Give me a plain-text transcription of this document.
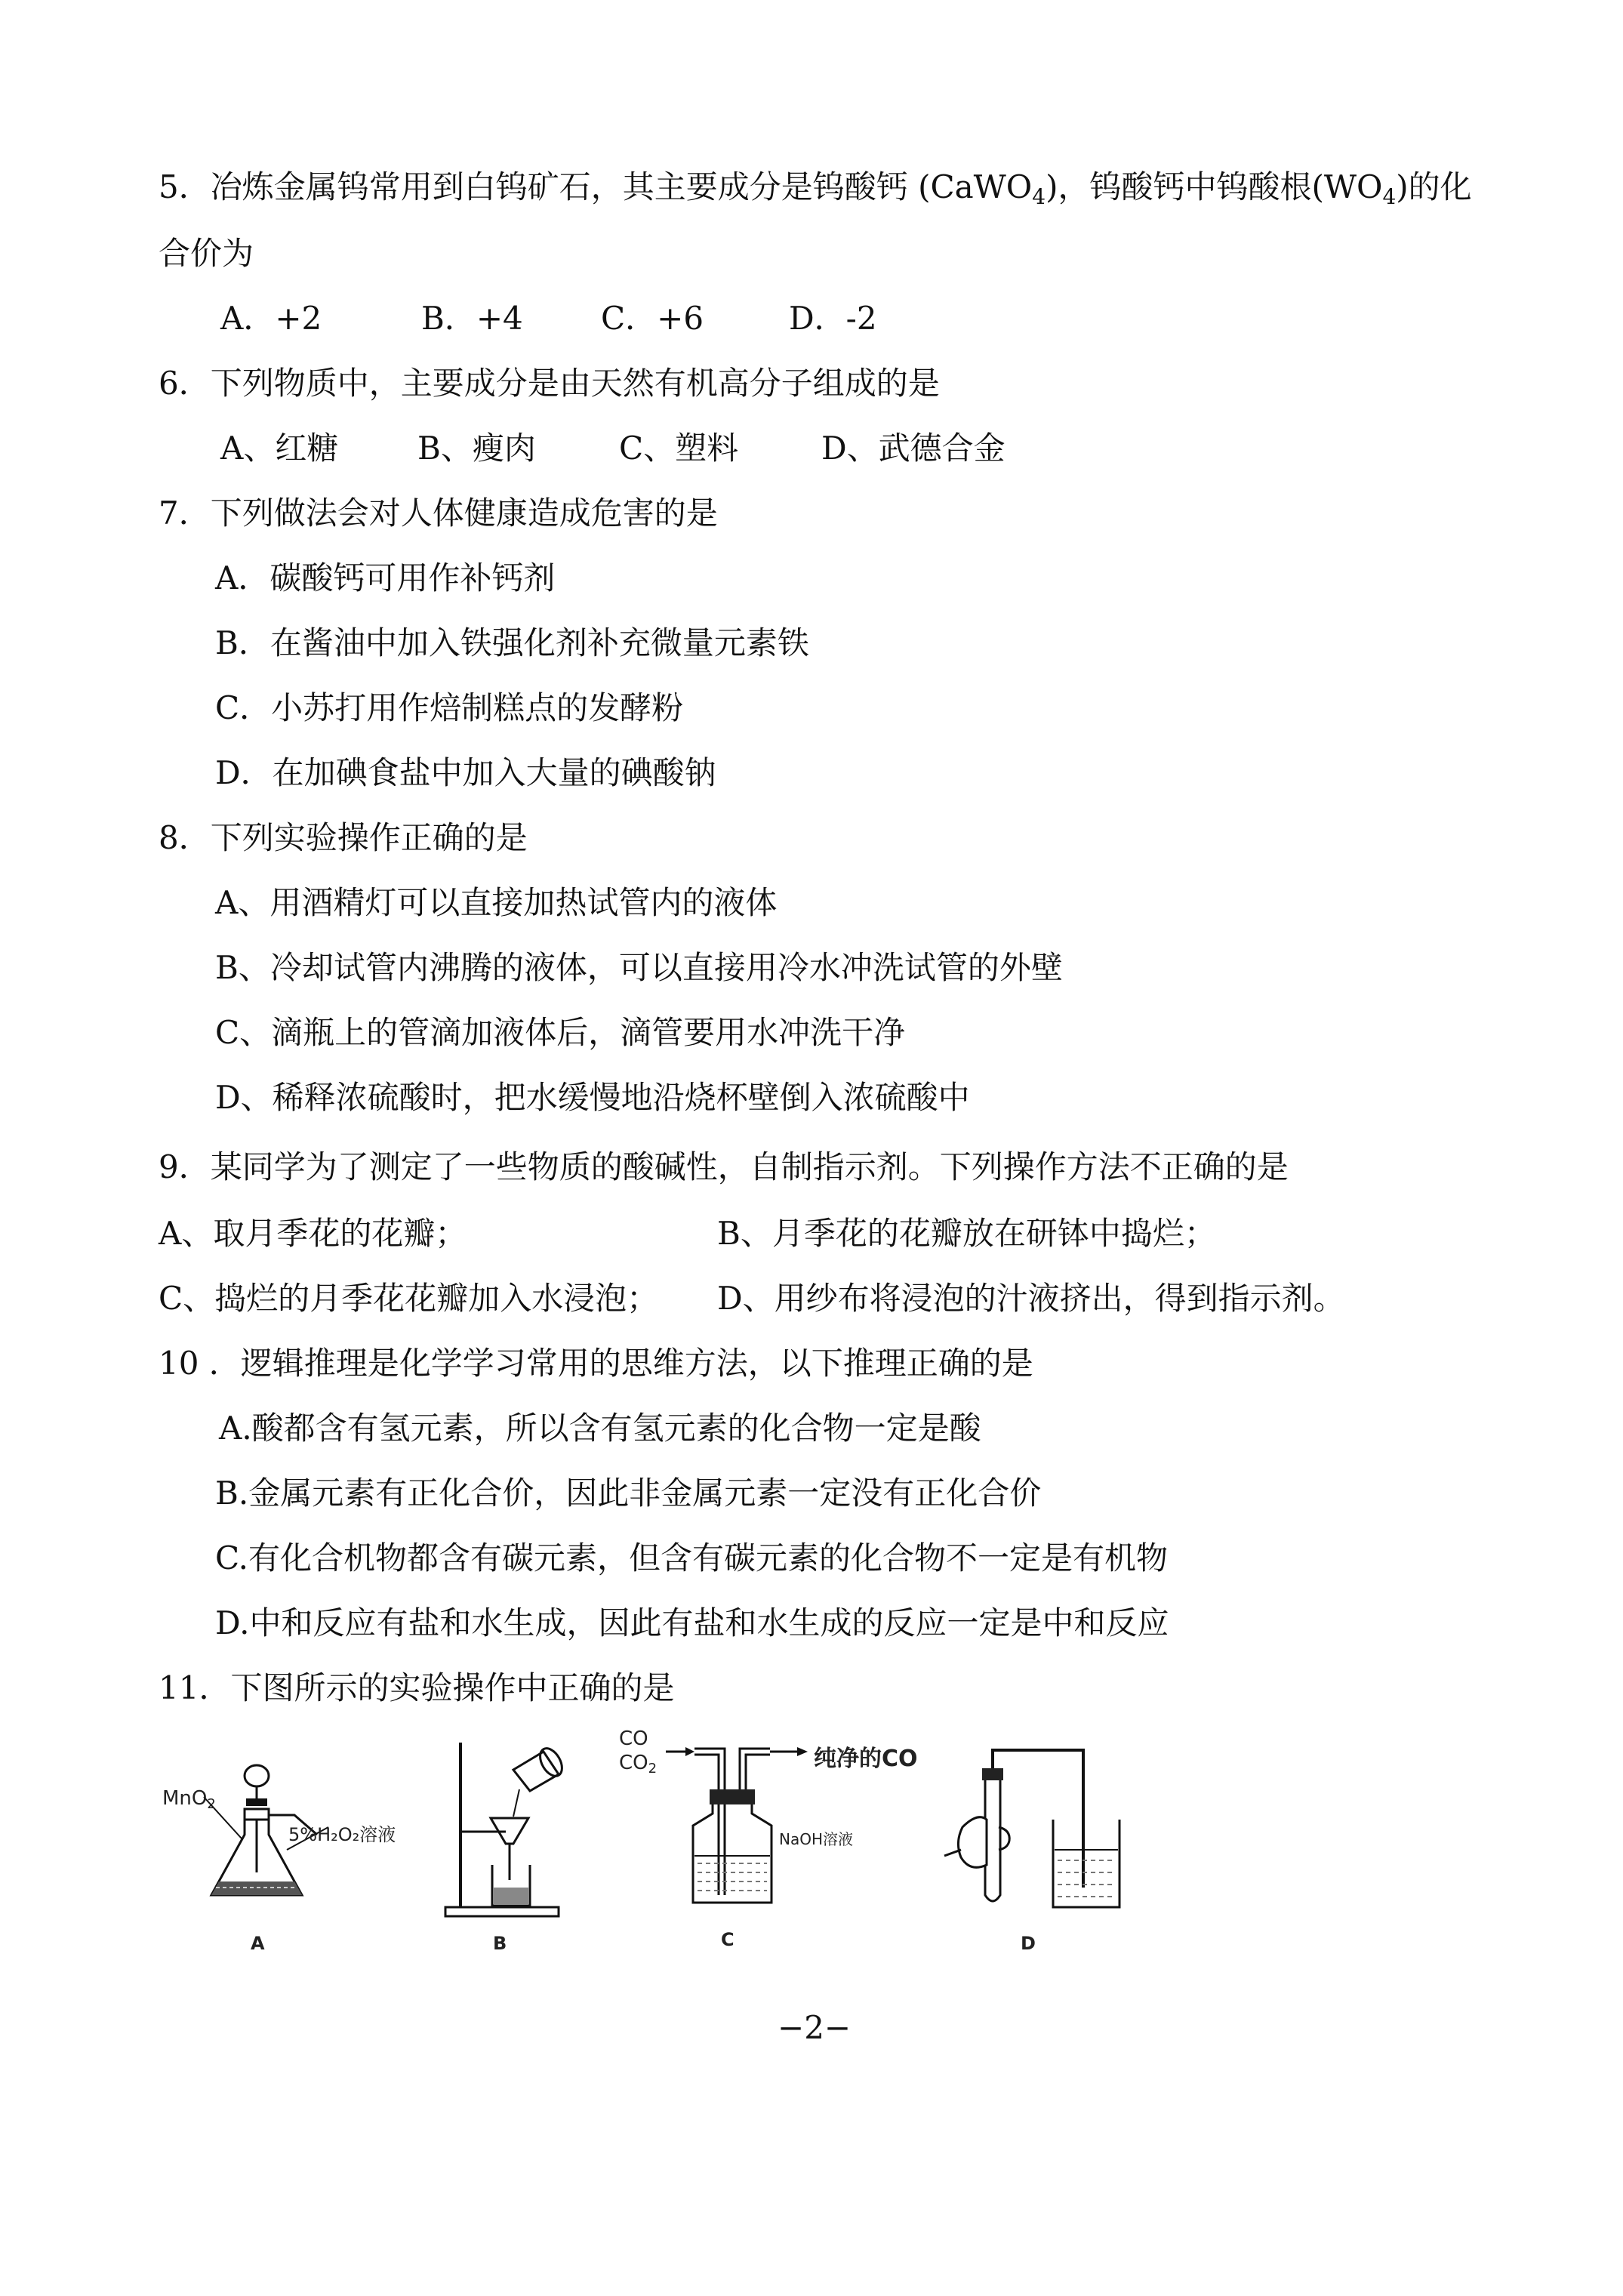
5．冶炼金属钨常用到白钨矿石，其主要成分是钨酸钙 (CaWO$_4$)，钨酸钙中钨酸根$(WO_4)$的化
合价为
A．+2	B．+4 C．+6	D．-2
6．下列物质中，主要成分是由天然有机高分子组成的是
A、红糖 B、瘦肉	C、塑料	D、武德合金
7．下列做法会对人体健康造成危害的是
A．碳酸钙可用作补钙剂
B．在酱油中加入铁强化剂补充微量元素铁
C．小苏打用作焙制糕点的发酵粉
D．在加碘食盐中加入大量的碘酸钠
8．下列实验操作正确的是
A、用酒精灯可以直接加热试管内的液体
B、冷却试管内沸腾的液体，可以直接用冷水冲洗试管的外壁
C、滴瓶上的管滴加液体后，滴管要用水冲洗干净
D、稀释浓硫酸时，把水缓慢地沿烧杯壁倒入浓硫酸中
9．某同学为了测定了一些物质的酸碱性，自制指示剂。下列操作方法不正确的是
A、取月季花的花瓣；	B、月季花的花瓣放在研钵中捣烂；
C、捣烂的月季花花瓣加入水浸泡； D、用纱布将浸泡的汁液挤出，得到指示剂。
10 ．逻辑推理是化学学习常用的思维方法，以下推理正确的是
A.酸都含有氢元素，所以含有氢元素的化合物一定是酸
B.金属元素有正化合价，因此非金属元素一定没有正化合价
C.有化合机物都含有碳元素，但含有碳元素的化合物不一定是有机物
D.中和反应有盐和水生成，因此有盐和水生成的反应一定是中和反应
11．下图所示的实验操作中正确的是
MnO$_2$
5%H₂O₂溶液
A	B
CO
$CO_2$	纯净的CO
NaOH溶液
C	D
−2−
